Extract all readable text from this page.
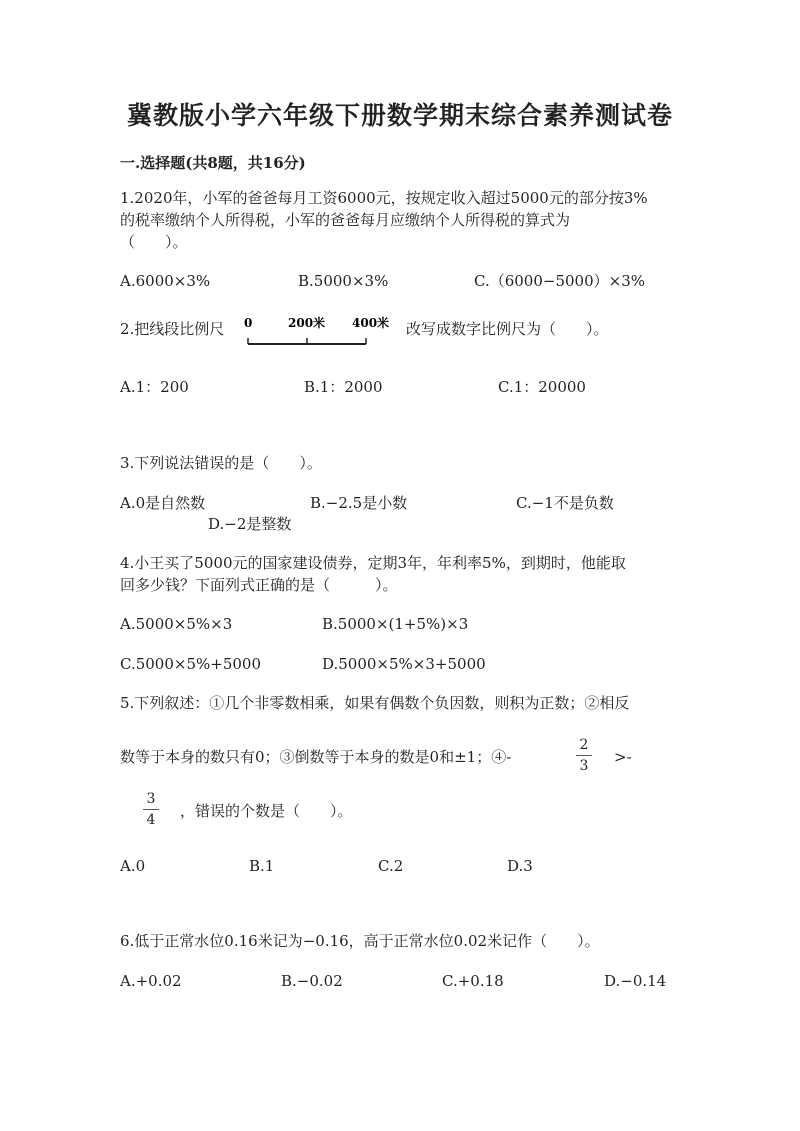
冀教版小学六年级下册数学期末综合素养测试卷
一.选择题(共8题，共16分)
1.2020年，小军的爸爸每月工资6000元，按规定收入超过5000元的部分按3%
的税率缴纳个人所得税，小军的爸爸每月应缴纳个人所得税的算式为
（　　）。
A.6000×3%	B.5000×3%	C.（6000−5000）×3%
2.把线段比例尺 0	200米 400米 改写成数字比例尺为（　　）。
A.1：200	B.1：2000	C.1：20000
3.下列说法错误的是（　　）。
A.0是自然数	B.−2.5是小数	C.−1不是负数
D.−2是整数
4.小王买了5000元的国家建设债券，定期3年，年利率5%，到期时，他能取
回多少钱？下面列式正确的是（　　　）。
A.5000×5%×3	B.5000×(1+5%)×3
C.5000×5%+5000	D.5000×5%×3+5000
5.下列叙述：①几个非零数相乘，如果有偶数个负因数，则积为正数；②相反
数等于本身的数只有0；③倒数等于本身的数是0和±1；④-
2
3 >-
3
4 ，错误的个数是（　　）。
A.0	B.1	C.2	D.3
6.低于正常水位0.16米记为−0.16，高于正常水位0.02米记作（　　）。
A.+0.02	B.−0.02	C.+0.18	D.−0.14
